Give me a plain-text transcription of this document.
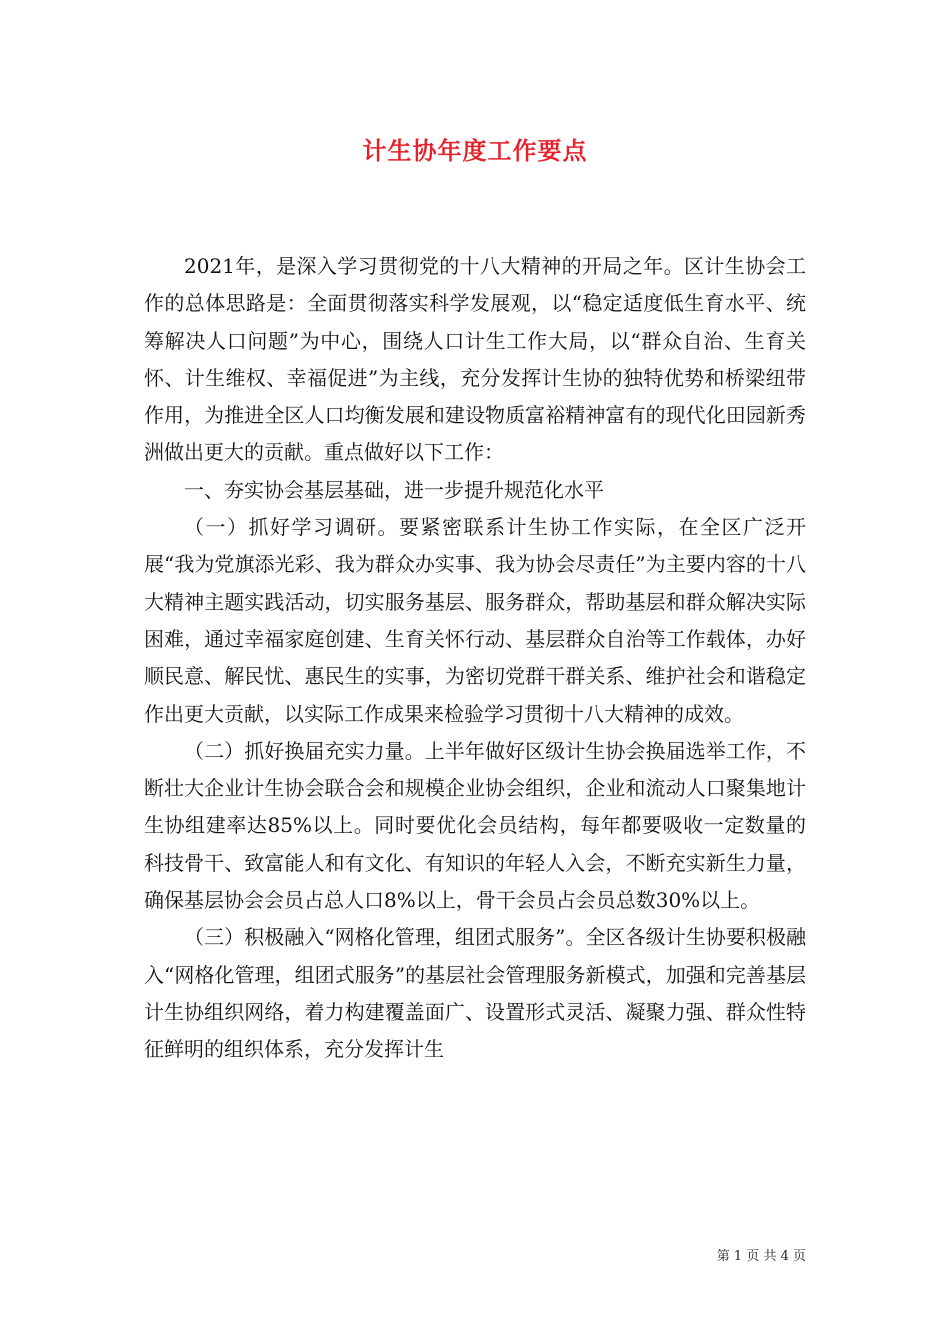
计生协年度工作要点

2021年，是深入学习贯彻党的十八大精神的开局之年。区计生协会工作的总体思路是：全面贯彻落实科学发展观，以“稳定适度低生育水平、统筹解决人口问题”为中心，围绕人口计生工作大局，以“群众自治、生育关怀、计生维权、幸福促进”为主线，充分发挥计生协的独特优势和桥梁纽带作用，为推进全区人口均衡发展和建设物质富裕精神富有的现代化田园新秀洲做出更大的贡献。重点做好以下工作：

一、夯实协会基层基础，进一步提升规范化水平

（一）抓好学习调研。要紧密联系计生协工作实际，在全区广泛开展“我为党旗添光彩、我为群众办实事、我为协会尽责任”为主要内容的十八大精神主题实践活动，切实服务基层、服务群众，帮助基层和群众解决实际困难，通过幸福家庭创建、生育关怀行动、基层群众自治等工作载体，办好顺民意、解民忧、惠民生的实事，为密切党群干群关系、维护社会和谐稳定作出更大贡献，以实际工作成果来检验学习贯彻十八大精神的成效。

（二）抓好换届充实力量。上半年做好区级计生协会换届选举工作，不断壮大企业计生协会联合会和规模企业协会组织，企业和流动人口聚集地计生协组建率达85%以上。同时要优化会员结构，每年都要吸收一定数量的科技骨干、致富能人和有文化、有知识的年轻人入会，不断充实新生力量，确保基层协会会员占总人口8%以上，骨干会员占会员总数30%以上。

（三）积极融入“网格化管理，组团式服务”。全区各级计生协要积极融入“网格化管理，组团式服务”的基层社会管理服务新模式，加强和完善基层计生协组织网络，着力构建覆盖面广、设置形式灵活、凝聚力强、群众性特征鲜明的组织体系，充分发挥计生

第 1 页 共 4 页
